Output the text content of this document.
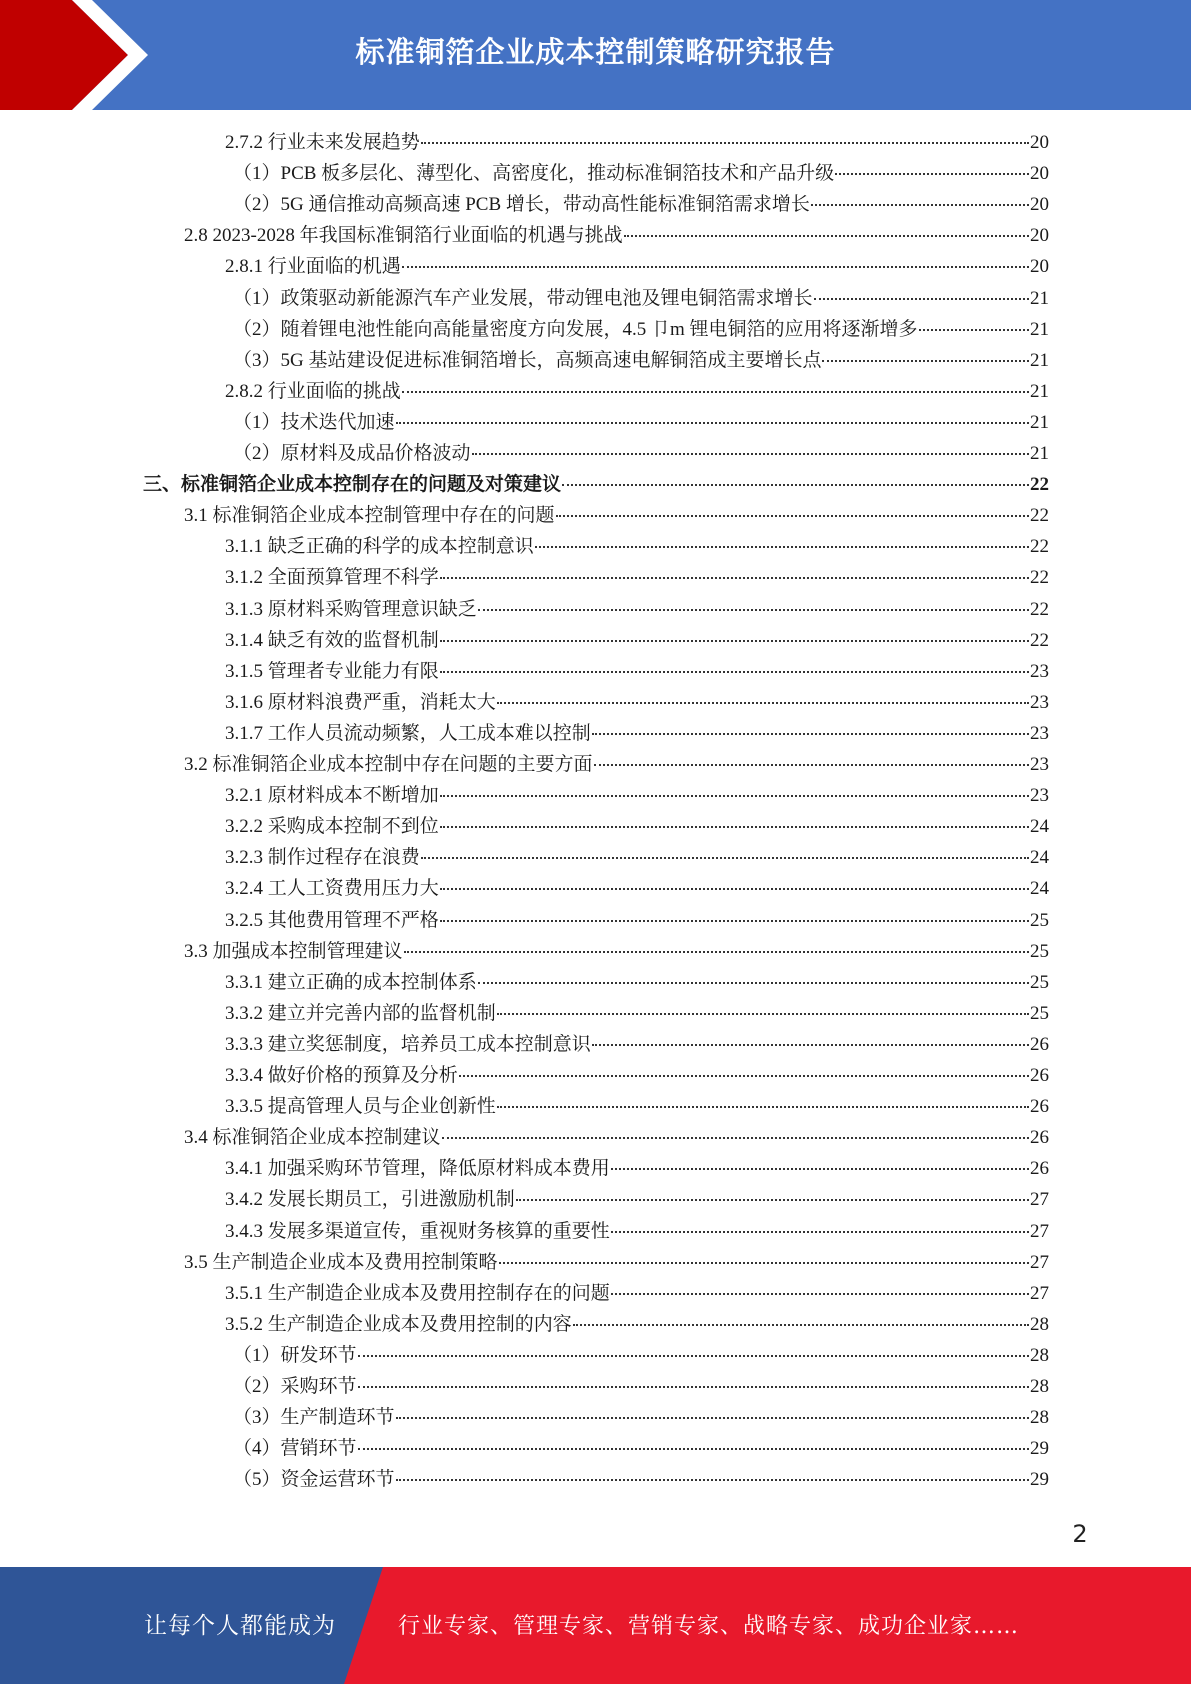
标准铜箔企业成本控制策略研究报告
2.7.2 行业未来发展趋势	20
（1）PCB 板多层化、薄型化、高密度化，推动标准铜箔技术和产品升级	20
（2）5G 通信推动高频高速 PCB 增长，带动高性能标准铜箔需求增长	20
2.8 2023-2028 年我国标准铜箔行业面临的机遇与挑战	20
2.8.1 行业面临的机遇	20
（1）政策驱动新能源汽车产业发展，带动锂电池及锂电铜箔需求增长	21
（2）随着锂电池性能向高能量密度方向发展，4.5 卩m 锂电铜箔的应用将逐渐增多	21
（3）5G 基站建设促进标准铜箔增长，高频高速电解铜箔成主要增长点	21
2.8.2 行业面临的挑战	21
（1）技术迭代加速	21
（2）原材料及成品价格波动	21
三、标准铜箔企业成本控制存在的问题及对策建议	22
3.1 标准铜箔企业成本控制管理中存在的问题	22
3.1.1 缺乏正确的科学的成本控制意识	22
3.1.2 全面预算管理不科学	22
3.1.3 原材料采购管理意识缺乏	22
3.1.4 缺乏有效的监督机制	22
3.1.5 管理者专业能力有限	23
3.1.6 原材料浪费严重，消耗太大	23
3.1.7 工作人员流动频繁，人工成本难以控制	23
3.2 标准铜箔企业成本控制中存在问题的主要方面	23
3.2.1 原材料成本不断增加	23
3.2.2 采购成本控制不到位	24
3.2.3 制作过程存在浪费	24
3.2.4 工人工资费用压力大	24
3.2.5 其他费用管理不严格	25
3.3 加强成本控制管理建议	25
3.3.1 建立正确的成本控制体系	25
3.3.2 建立并完善内部的监督机制	25
3.3.3 建立奖惩制度，培养员工成本控制意识	26
3.3.4 做好价格的预算及分析	26
3.3.5 提高管理人员与企业创新性	26
3.4 标准铜箔企业成本控制建议	26
3.4.1 加强采购环节管理，降低原材料成本费用	26
3.4.2 发展长期员工，引进激励机制	27
3.4.3 发展多渠道宣传，重视财务核算的重要性	27
3.5 生产制造企业成本及费用控制策略	27
3.5.1 生产制造企业成本及费用控制存在的问题	27
3.5.2 生产制造企业成本及费用控制的内容	28
（1）研发环节	28
（2）采购环节	28
（3）生产制造环节	28
（4）营销环节	29
（5）资金运营环节	29
2
让每个人都能成为	行业专家、管理专家、营销专家、战略专家、成功企业家……
